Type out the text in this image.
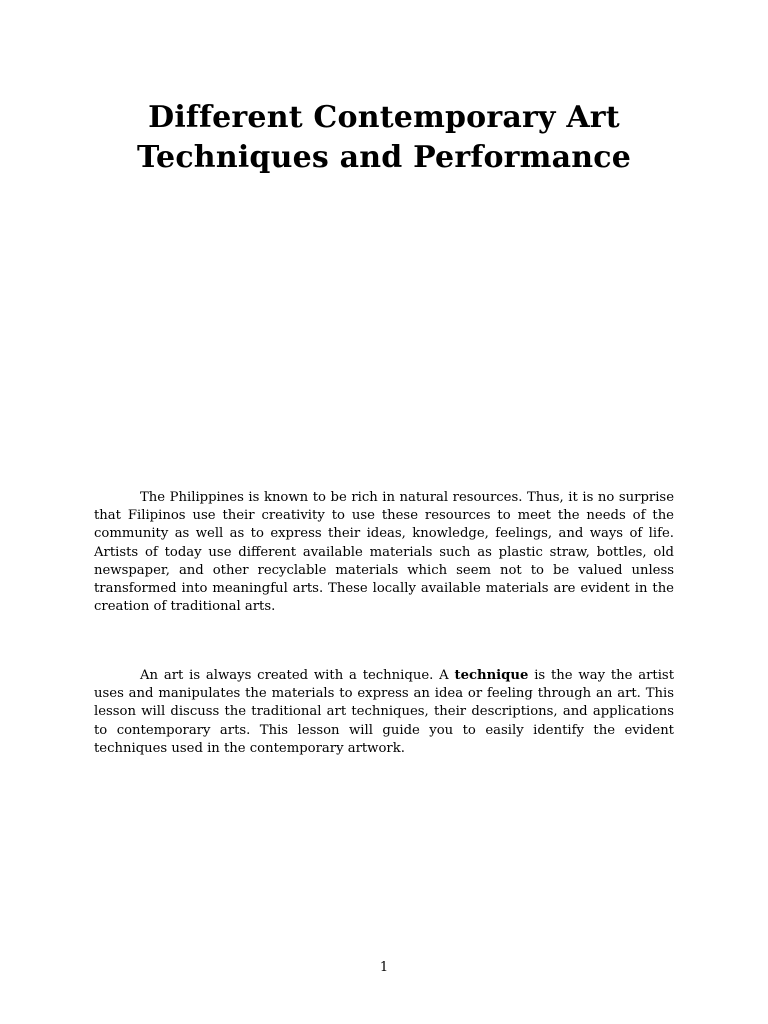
Different Contemporary Art
Techniques and Performance

The Philippines is known to be rich in natural resources. Thus, it is no surprise that Filipinos use their creativity to use these resources to meet the needs of the community as well as to express their ideas, knowledge, feelings, and ways of life. Artists of today use different available materials such as plastic straw, bottles, old newspaper, and other recyclable materials which seem not to be valued unless transformed into meaningful arts. These locally available materials are evident in the creation of traditional arts.

An art is always created with a technique. A technique is the way the artist uses and manipulates the materials to express an idea or feeling through an art. This lesson will discuss the traditional art techniques, their descriptions, and applications to contemporary arts. This lesson will guide you to easily identify the evident techniques used in the contemporary artwork.

1
